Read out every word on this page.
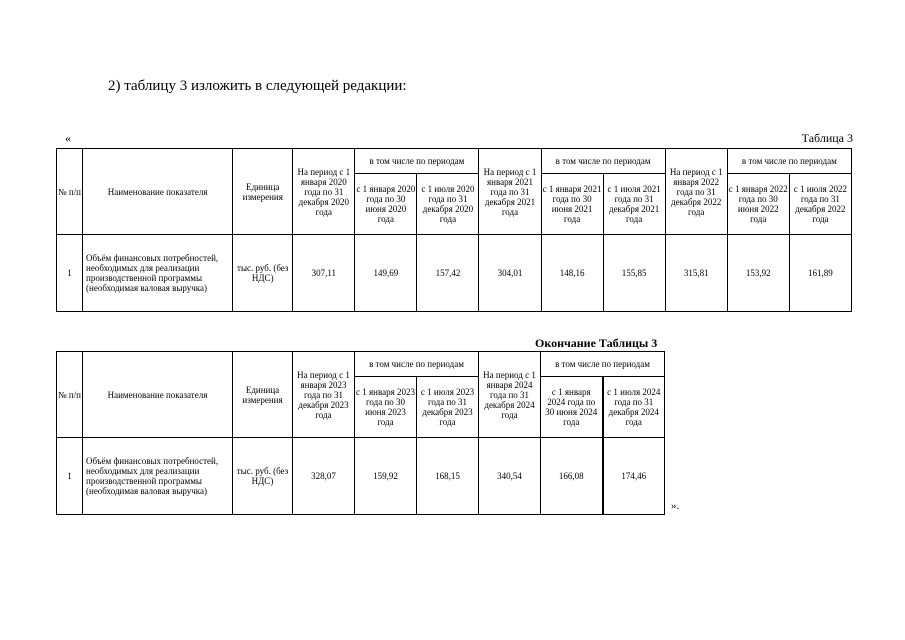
2) таблицу 3 изложить в следующей редакции:
«	Таблица 3
№ п/п	Наименование показателя	Единица измерения	На период с 1 января 2020 года по 31 декабря 2020 года	в том числе по периодам		На период с 1 января 2021 года по 31 декабря 2021 года	в том числе по периодам		На период с 1 января 2022 года по 31 декабря 2022 года	в том числе по периодам	
				с 1 января 2020 года по 30 июня 2020 года	с 1 июля 2020 года по 31 декабря 2020 года		с 1 января 2021 года по 30 июня 2021 года	с 1 июля 2021 года по 31 декабря 2021 года		с 1 января 2022 года по 30 июня 2022 года	с 1 июля 2022 года по 31 декабря 2022 года
1	Объём финансовых потребностей, необходимых для реализации производственной программы (необходимая валовая выручка)	тыс. руб. (без НДС)	307,11	149,69	157,42	304,01	148,16	155,85	315,81	153,92	161,89
Окончание Таблицы 3
№ п/п	Наименование показателя	Единица измерения	На период с 1 января 2023 года по 31 декабря 2023 года	в том числе по периодам		На период с 1 января 2024 года по 31 декабря 2024 года	в том числе по периодам	
				с 1 января 2023 года по 30 июня 2023 года	с 1 июля 2023 года по 31 декабря 2023 года		с 1 января 2024 года по 30 июня 2024 года	с 1 июля 2024 года по 31 декабря 2024 года
1	Объём финансовых потребностей, необходимых для реализации производственной программы (необходимая валовая выручка)	тыс. руб. (без НДС)	328,07	159,92	168,15	340,54	166,08	174,46
».
